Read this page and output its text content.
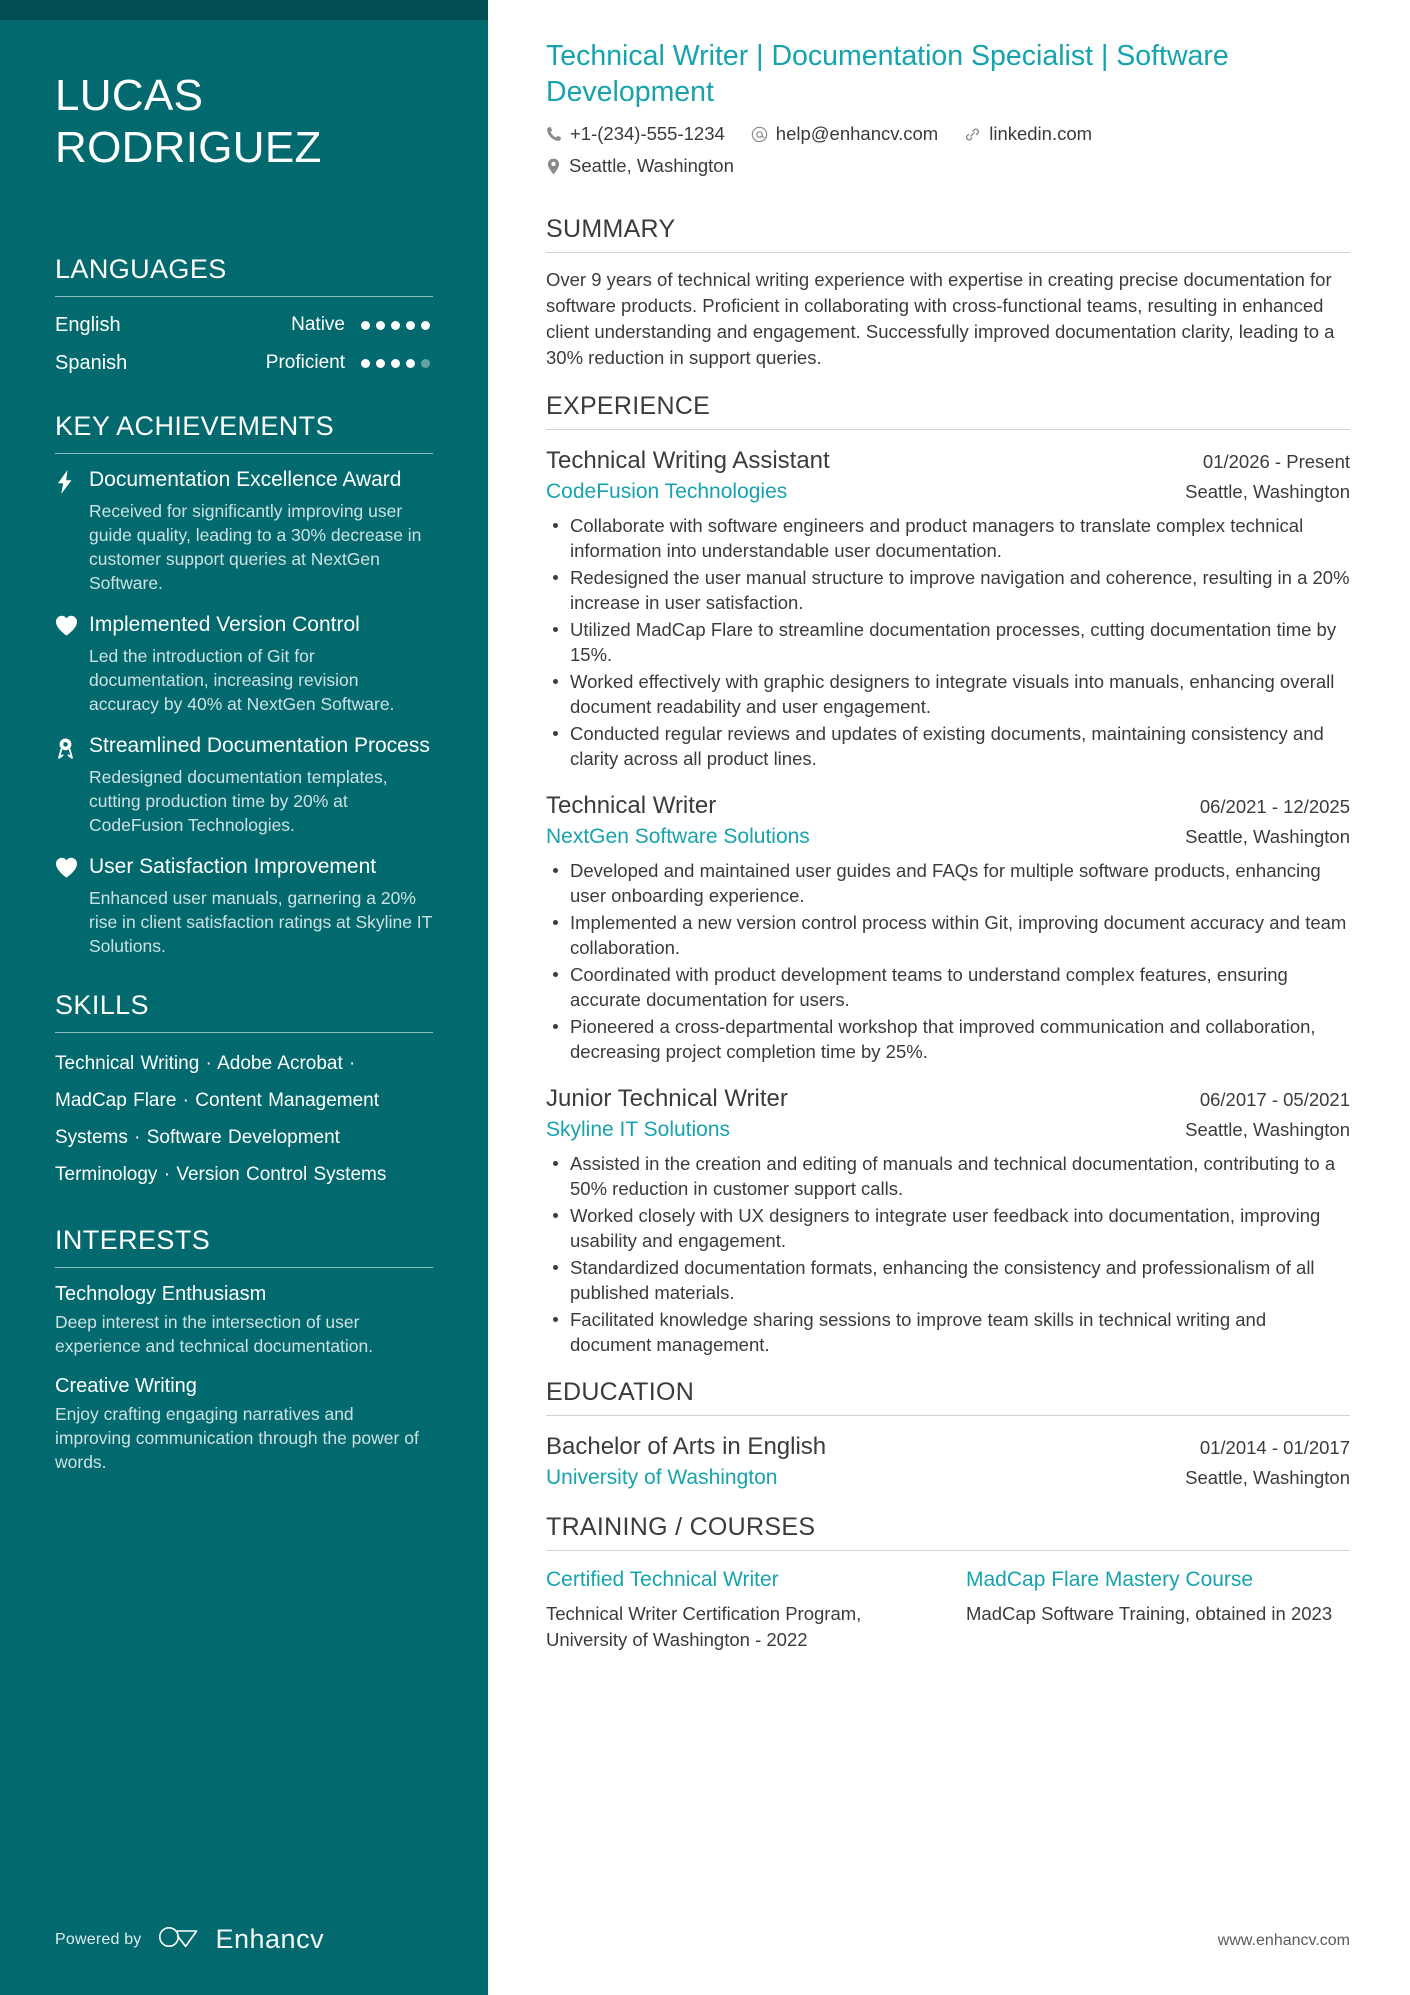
LUCAS
RODRIGUEZ
LANGUAGES
English	Native
Spanish	Proficient
KEY ACHIEVEMENTS
Documentation Excellence Award
Received for significantly improving user guide quality, leading to a 30% decrease in customer support queries at NextGen Software.
Implemented Version Control
Led the introduction of Git for documentation, increasing revision accuracy by 40% at NextGen Software.
Streamlined Documentation Process
Redesigned documentation templates, cutting production time by 20% at CodeFusion Technologies.
User Satisfaction Improvement
Enhanced user manuals, garnering a 20% rise in client satisfaction ratings at Skyline IT Solutions.
SKILLS
Technical Writing · Adobe Acrobat · MadCap Flare · Content Management Systems · Software Development Terminology · Version Control Systems
INTERESTS
Technology Enthusiasm
Deep interest in the intersection of user experience and technical documentation.
Creative Writing
Enjoy crafting engaging narratives and improving communication through the power of words.
Powered by	Enhancv
Technical Writer | Documentation Specialist | Software Development
+1-(234)-555-1234	help@enhancv.com	linkedin.com
Seattle, Washington
SUMMARY

Over 9 years of technical writing experience with expertise in creating precise documentation for software products. Proficient in collaborating with cross-functional teams, resulting in enhanced client understanding and engagement. Successfully improved documentation clarity, leading to a 30% reduction in support queries.

EXPERIENCE
Technical Writing Assistant	01/2026 - Present
CodeFusion Technologies	Seattle, Washington
Collaborate with software engineers and product managers to translate complex technical information into understandable user documentation.
Redesigned the user manual structure to improve navigation and coherence, resulting in a 20% increase in user satisfaction.
Utilized MadCap Flare to streamline documentation processes, cutting documentation time by 15%.
Worked effectively with graphic designers to integrate visuals into manuals, enhancing overall document readability and user engagement.
Conducted regular reviews and updates of existing documents, maintaining consistency and clarity across all product lines.
Technical Writer	06/2021 - 12/2025
NextGen Software Solutions	Seattle, Washington
Developed and maintained user guides and FAQs for multiple software products, enhancing user onboarding experience.
Implemented a new version control process within Git, improving document accuracy and team collaboration.
Coordinated with product development teams to understand complex features, ensuring accurate documentation for users.
Pioneered a cross-departmental workshop that improved communication and collaboration, decreasing project completion time by 25%.
Junior Technical Writer	06/2017 - 05/2021
Skyline IT Solutions	Seattle, Washington
Assisted in the creation and editing of manuals and technical documentation, contributing to a 50% reduction in customer support calls.
Worked closely with UX designers to integrate user feedback into documentation, improving usability and engagement.
Standardized documentation formats, enhancing the consistency and professionalism of all published materials.
Facilitated knowledge sharing sessions to improve team skills in technical writing and document management.
EDUCATION
Bachelor of Arts in English	01/2014 - 01/2017
University of Washington	Seattle, Washington
TRAINING / COURSES
Certified Technical Writer
Technical Writer Certification Program, University of Washington - 2022
MadCap Flare Mastery Course
MadCap Software Training, obtained in 2023
www.enhancv.com
